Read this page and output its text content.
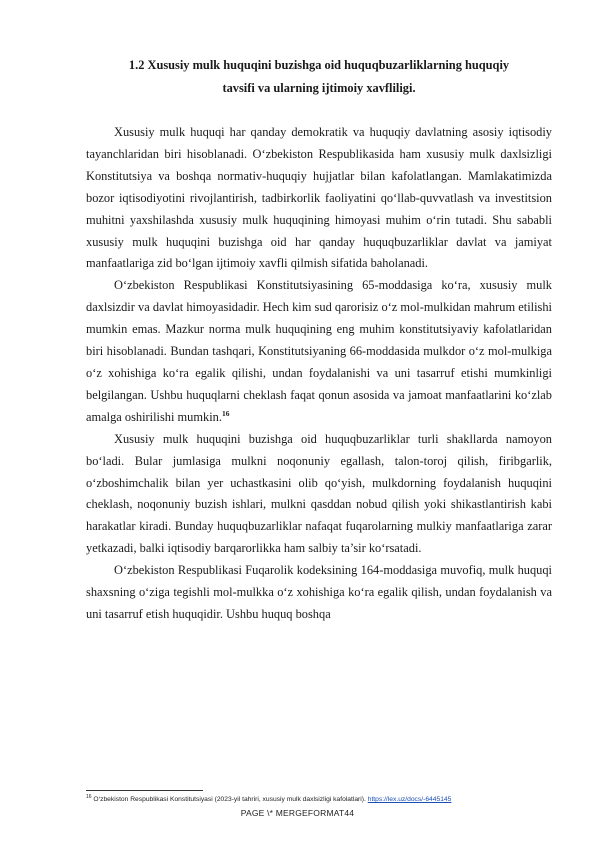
1.2 Xususiy mulk huquqini buzishga oid huquqbuzarliklarning huquqiy
tavsifi va ularning ijtimoiy xavfliligi.

Xususiy mulk huquqi har qanday demokratik va huquqiy davlatning asosiy iqtisodiy tayanchlaridan biri hisoblanadi. O‘zbekiston Respublikasida ham xususiy mulk daxlsizligi Konstitutsiya va boshqa normativ-huquqiy hujjatlar bilan kafolatlangan. Mamlakatimizda bozor iqtisodiyotini rivojlantirish, tadbirkorlik faoliyatini qo‘llab-quvvatlash va investitsion muhitni yaxshilashda xususiy mulk huquqining himoyasi muhim o‘rin tutadi. Shu sababli xususiy mulk huquqini buzishga oid har qanday huquqbuzarliklar davlat va jamiyat manfaatlariga zid bo‘lgan ijtimoiy xavfli qilmish sifatida baholanadi.

O‘zbekiston Respublikasi Konstitutsiyasining 65-moddasiga ko‘ra, xususiy mulk daxlsizdir va davlat himoyasidadir. Hech kim sud qarorisiz o‘z mol-mulkidan mahrum etilishi mumkin emas. Mazkur norma mulk huquqining eng muhim konstitutsiyaviy kafolatlaridan biri hisoblanadi. Bundan tashqari, Konstitutsiyaning 66-moddasida mulkdor o‘z mol-mulkiga o‘z xohishiga ko‘ra egalik qilishi, undan foydalanishi va uni tasarruf etishi mumkinligi belgilangan. Ushbu huquqlarni cheklash faqat qonun asosida va jamoat manfaatlarini ko‘zlab amalga oshirilishi mumkin.$^{16}$

Xususiy mulk huquqini buzishga oid huquqbuzarliklar turli shakllarda namoyon bo‘ladi. Bular jumlasiga mulkni noqonuniy egallash, talon-toroj qilish, firibgarlik, o‘zboshimchalik bilan yer uchastkasini olib qo‘yish, mulkdorning foydalanish huquqini cheklash, noqonuniy buzish ishlari, mulkni qasddan nobud qilish yoki shikastlantirish kabi harakatlar kiradi. Bunday huquqbuzarliklar nafaqat fuqarolarning mulkiy manfaatlariga zarar yetkazadi, balki iqtisodiy barqarorlikka ham salbiy ta’sir ko‘rsatadi.

O‘zbekiston Respublikasi Fuqarolik kodeksining 164-moddasiga muvofiq, mulk huquqi shaxsning o‘ziga tegishli mol-mulkka o‘z xohishiga ko‘ra egalik qilish, undan foydalanish va uni tasarruf etish huquqidir. Ushbu huquq boshqa

$^{16}$ O‘zbekiston Respublikasi Konstitutsiyasi (2023-yil tahriri, xususiy mulk daxlsizligi kafolatlari). https://lex.uz/docs/-6445145
PAGE \* MERGEFORMAT44
